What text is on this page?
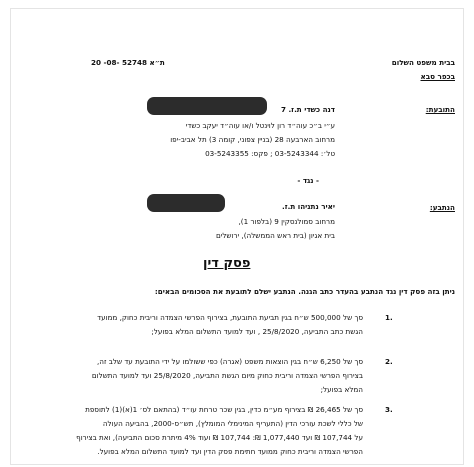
בבית משפט השלום
בכפר סבא
ת״א 52748 -08- 20
התובעת:
דנה כשדי ת.ז. 7
ע״י ב״כ עוה״ד רון לוינטל ו/או עוה״ד יעקב כשדי
מרחוב הארבעה 28 (בניין צפוני, קומה 3) תל אביב-יפו
טל׳: 03-5243344 ; פקס: 03-5243355
- נגד -
הנתבע:
יאיר נתניהו ת.ז.
מרחוב סמולנסקין 9 (בלפור 1),
בית אגיון (בית ראש הממשלה), ירושלים
פסק דין
ניתן בזה פסק דין נגד הנתבע בהעדר כתב הגנה. הנתבע ישלם לתובעת את הסכומים הבאים:
1.
סך של 500,000 ש״ח בגין תביעת התובעת, בצירוף הפרשי הצמדה וריבית כחוק, ממועד
הגשת כתב התביעה, 25/8/2020 , ועד למועד התשלום המלא בפועל;
2.
סך של 6,250 ש״ח בגין הוצאות משפט (אגרה) כפי ששולמו על ידי התובעת עד שלב זה,
בצירוף הפרשי הצמדה וריבית כחוק מיום הגשת התביעה, 25/8/2020 ועד למועד התשלום
המלא בפועל;
3.
סך של 26,465 ₪ בצירוף מע״מ כדין, בגין שכר טרחת עו״ד (בהתאם לס׳ 1(א)(1) לתוספת
של כללי לשכת עורכי הדין (התעריף המינימלי המומלץ), תש״ס-2000, בהביעה העולה
על 107,744 ₪ ועד 1,077,440 ₪: 107,744 ₪ ועוד 4% מיתרת סכום התביעה), ואת בצירוף
הפרשי הצמדה וריבית כחוק ממועד חתימת פסק הדין ועד למועד התשלום המלא בפועל.
